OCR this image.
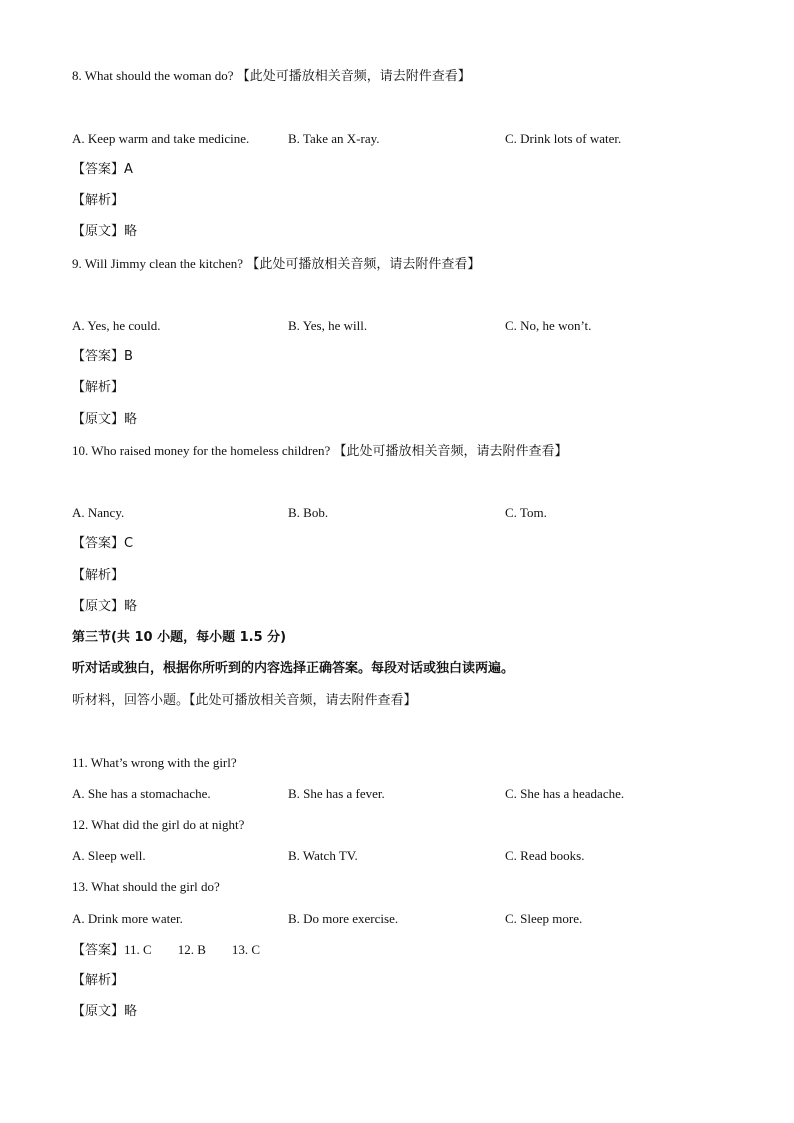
8. What should the woman do? 【此处可播放相关音频，请去附件查看】
A. Keep warm and take medicine.	B. Take an X-ray.	C. Drink lots of water.
【答案】A
【解析】
【原文】略
9. Will Jimmy clean the kitchen? 【此处可播放相关音频，请去附件查看】
A. Yes, he could.	B. Yes, he will.	C. No, he won’t.
【答案】B
【解析】
【原文】略
10. Who raised money for the homeless children? 【此处可播放相关音频，请去附件查看】
A. Nancy.	B. Bob.	C. Tom.
【答案】C
【解析】
【原文】略
第三节(共 10 小题，每小题 1.5 分)
听对话或独白，根据你所听到的内容选择正确答案。每段对话或独白读两遍。
听材料，回答小题。【此处可播放相关音频，请去附件查看】
11. What’s wrong with the girl?
A. She has a stomachache.	B. She has a fever.	C. She has a headache.
12. What did the girl do at night?
A. Sleep well.	B. Watch TV.	C. Read books.
13. What should the girl do?
A. Drink more water.	B. Do more exercise.	C. Sleep more.
【答案】11. C 12. B 13. C
【解析】
【原文】略
